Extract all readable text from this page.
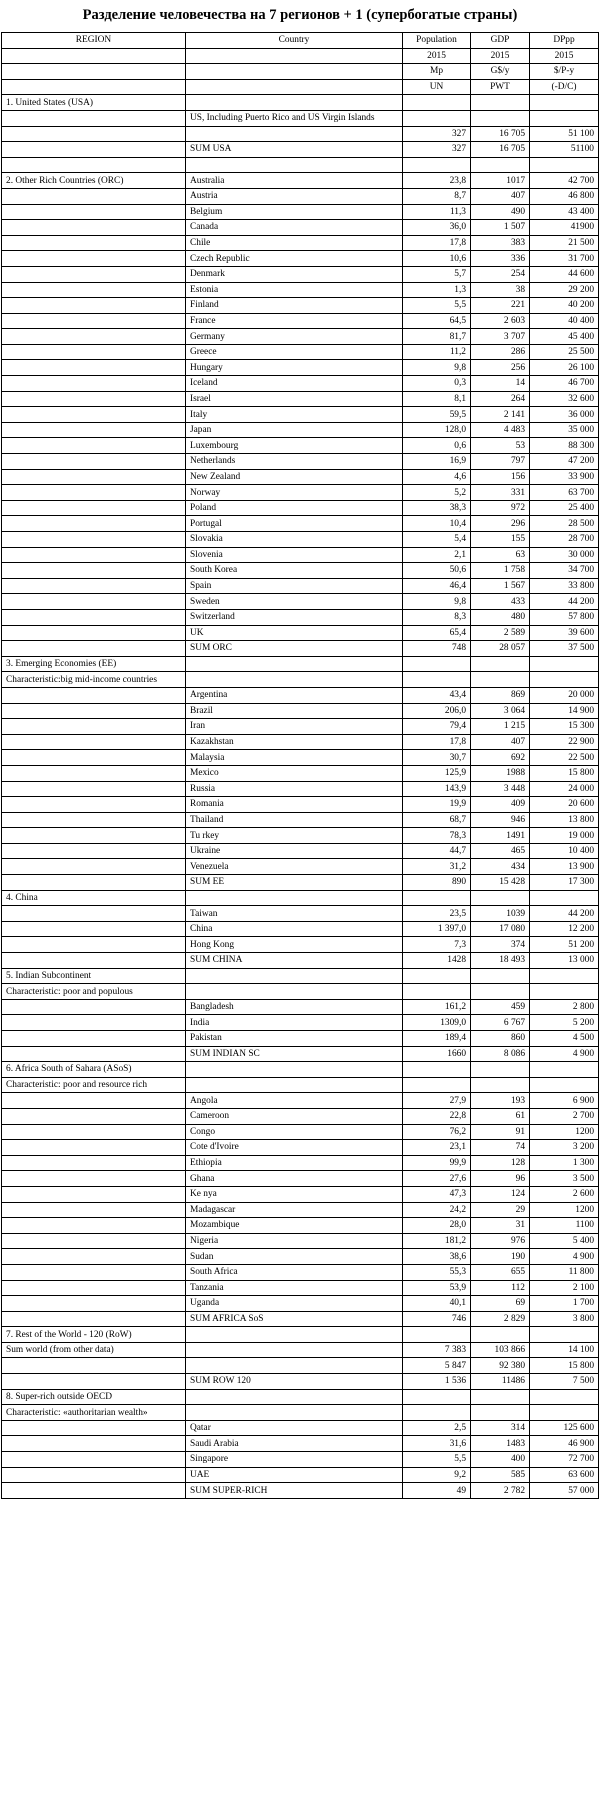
Разделение человечества на 7 регионов + 1 (супербогатые страны)
REGION	Country	Population	GDP	DPpp
		2015	2015	2015
		Mp	G$/y	$/P-y
		UN	PWT	(-D/C)
1. United States (USA)				
	US, Including Puerto Rico and US Virgin Islands			
		327	16 705	51 100
	SUM USA	327	16 705	51100

2. Other Rich Countries (ORC)	Australia	23,8	1017	42 700
	Austria	8,7	407	46 800
	Belgium	11,3	490	43 400
	Canada	36,0	1 507	41900
	Chile	17,8	383	21 500
	Czech Republic	10,6	336	31 700
	Denmark	5,7	254	44 600
	Estonia	1,3	38	29 200
	Finland	5,5	221	40 200
	France	64,5	2 603	40 400
	Germany	81,7	3 707	45 400
	Greece	11,2	286	25 500
	Hungary	9,8	256	26 100
	Iceland	0,3	14	46 700
	Israel	8,1	264	32 600
	Italy	59,5	2 141	36 000
	Japan	128,0	4 483	35 000
	Luxembourg	0,6	53	88 300
	Netherlands	16,9	797	47 200
	New Zealand	4,6	156	33 900
	Norway	5,2	331	63 700
	Poland	38,3	972	25 400
	Portugal	10,4	296	28 500
	Slovakia	5,4	155	28 700
	Slovenia	2,1	63	30 000
	South Korea	50,6	1 758	34 700
	Spain	46,4	1 567	33 800
	Sweden	9,8	433	44 200
	Switzerland	8,3	480	57 800
	UK	65,4	2 589	39 600
	SUM ORC	748	28 057	37 500
3. Emerging Economies (EE)				
Characteristic:big mid-income countries				
	Argentina	43,4	869	20 000
	Brazil	206,0	3 064	14 900
	Iran	79,4	1 215	15 300
	Kazakhstan	17,8	407	22 900
	Malaysia	30,7	692	22 500
	Mexico	125,9	1988	15 800
	Russia	143,9	3 448	24 000
	Romania	19,9	409	20 600
	Thailand	68,7	946	13 800
	Tu rkey	78,3	1491	19 000
	Ukraine	44,7	465	10 400
	Venezuela	31,2	434	13 900
	SUM EE	890	15 428	17 300
4. China				
	Taiwan	23,5	1039	44 200
	China	1 397,0	17 080	12 200
	Hong Kong	7,3	374	51 200
	SUM CHINA	1428	18 493	13 000
5. Indian Subcontinent				
Characteristic: poor and populous				
	Bangladesh	161,2	459	2 800
	India	1309,0	6 767	5 200
	Pakistan	189,4	860	4 500
	SUM INDIAN SC	1660	8 086	4 900
6. Africa South of Sahara (ASoS)				
Characteristic: poor and resource rich				
	Angola	27,9	193	6 900
	Cameroon	22,8	61	2 700
	Congo	76,2	91	1200
	Cote d'Ivoire	23,1	74	3 200
	Ethiopia	99,9	128	1 300
	Ghana	27,6	96	3 500
	Ke nya	47,3	124	2 600
	Madagascar	24,2	29	1200
	Mozambique	28,0	31	1100
	Nigeria	181,2	976	5 400
	Sudan	38,6	190	4 900
	South Africa	55,3	655	11 800
	Tanzania	53,9	112	2 100
	Uganda	40,1	69	1 700
	SUM AFRICA SoS	746	2 829	3 800
7. Rest of the World - 120 (RoW)				
Sum world (from other data)		7 383	103 866	14 100
		5 847	92 380	15 800
	SUM ROW 120	1 536	11486	7 500
8. Super-rich outside OECD				
Characteristic: «authoritarian wealth»				
	Qatar	2,5	314	125 600
	Saudi Arabia	31,6	1483	46 900
	Singapore	5,5	400	72 700
	UAE	9,2	585	63 600
	SUM SUPER-RICH	49	2 782	57 000
